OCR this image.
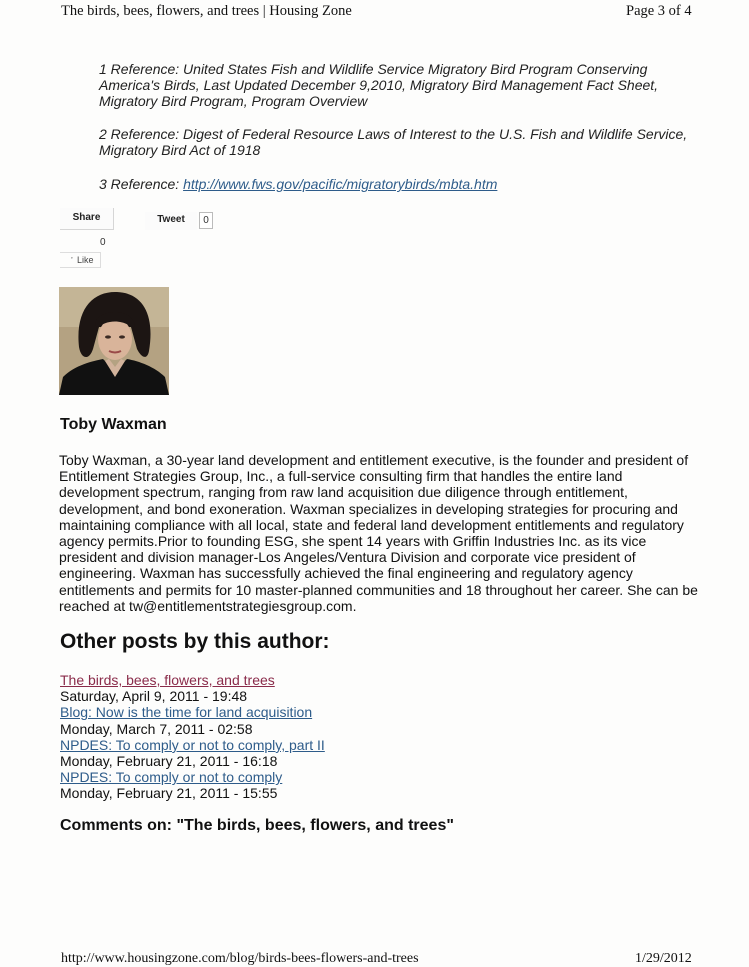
The birds, bees, flowers, and trees | Housing Zone	Page 3 of 4
1 Reference: United States Fish and Wildlife Service Migratory Bird Program Conserving America's Birds, Last Updated December 9,2010, Migratory Bird Management Fact Sheet, Migratory Bird Program, Program Overview
2 Reference: Digest of Federal Resource Laws of Interest to the U.S. Fish and Wildlife Service, Migratory Bird Act of 1918
3 Reference: http://www.fws.gov/pacific/migratorybirds/mbta.htm
Share
0
Tweet	0
’ Like
Toby Waxman
Toby Waxman, a 30-year land development and entitlement executive, is the founder and president of Entitlement Strategies Group, Inc., a full-service consulting firm that handles the entire land development spectrum, ranging from raw land acquisition due diligence through entitlement, development, and bond exoneration. Waxman specializes in developing strategies for procuring and maintaining compliance with all local, state and federal land development entitlements and regulatory agency permits.Prior to founding ESG, she spent 14 years with Griffin Industries Inc. as its vice president and division manager-Los Angeles/Ventura Division and corporate vice president of engineering. Waxman has successfully achieved the final engineering and regulatory agency entitlements and permits for 10 master-planned communities and 18 throughout her career. She can be reached at tw@entitlementstrategiesgroup.com.
Other posts by this author:
The birds, bees, flowers, and trees
Saturday, April 9, 2011 - 19:48
Blog: Now is the time for land acquisition
Monday, March 7, 2011 - 02:58
NPDES: To comply or not to comply, part II
Monday, February 21, 2011 - 16:18
NPDES: To comply or not to comply
Monday, February 21, 2011 - 15:55
Comments on: "The birds, bees, flowers, and trees"
http://www.housingzone.com/blog/birds-bees-flowers-and-trees	1/29/2012
